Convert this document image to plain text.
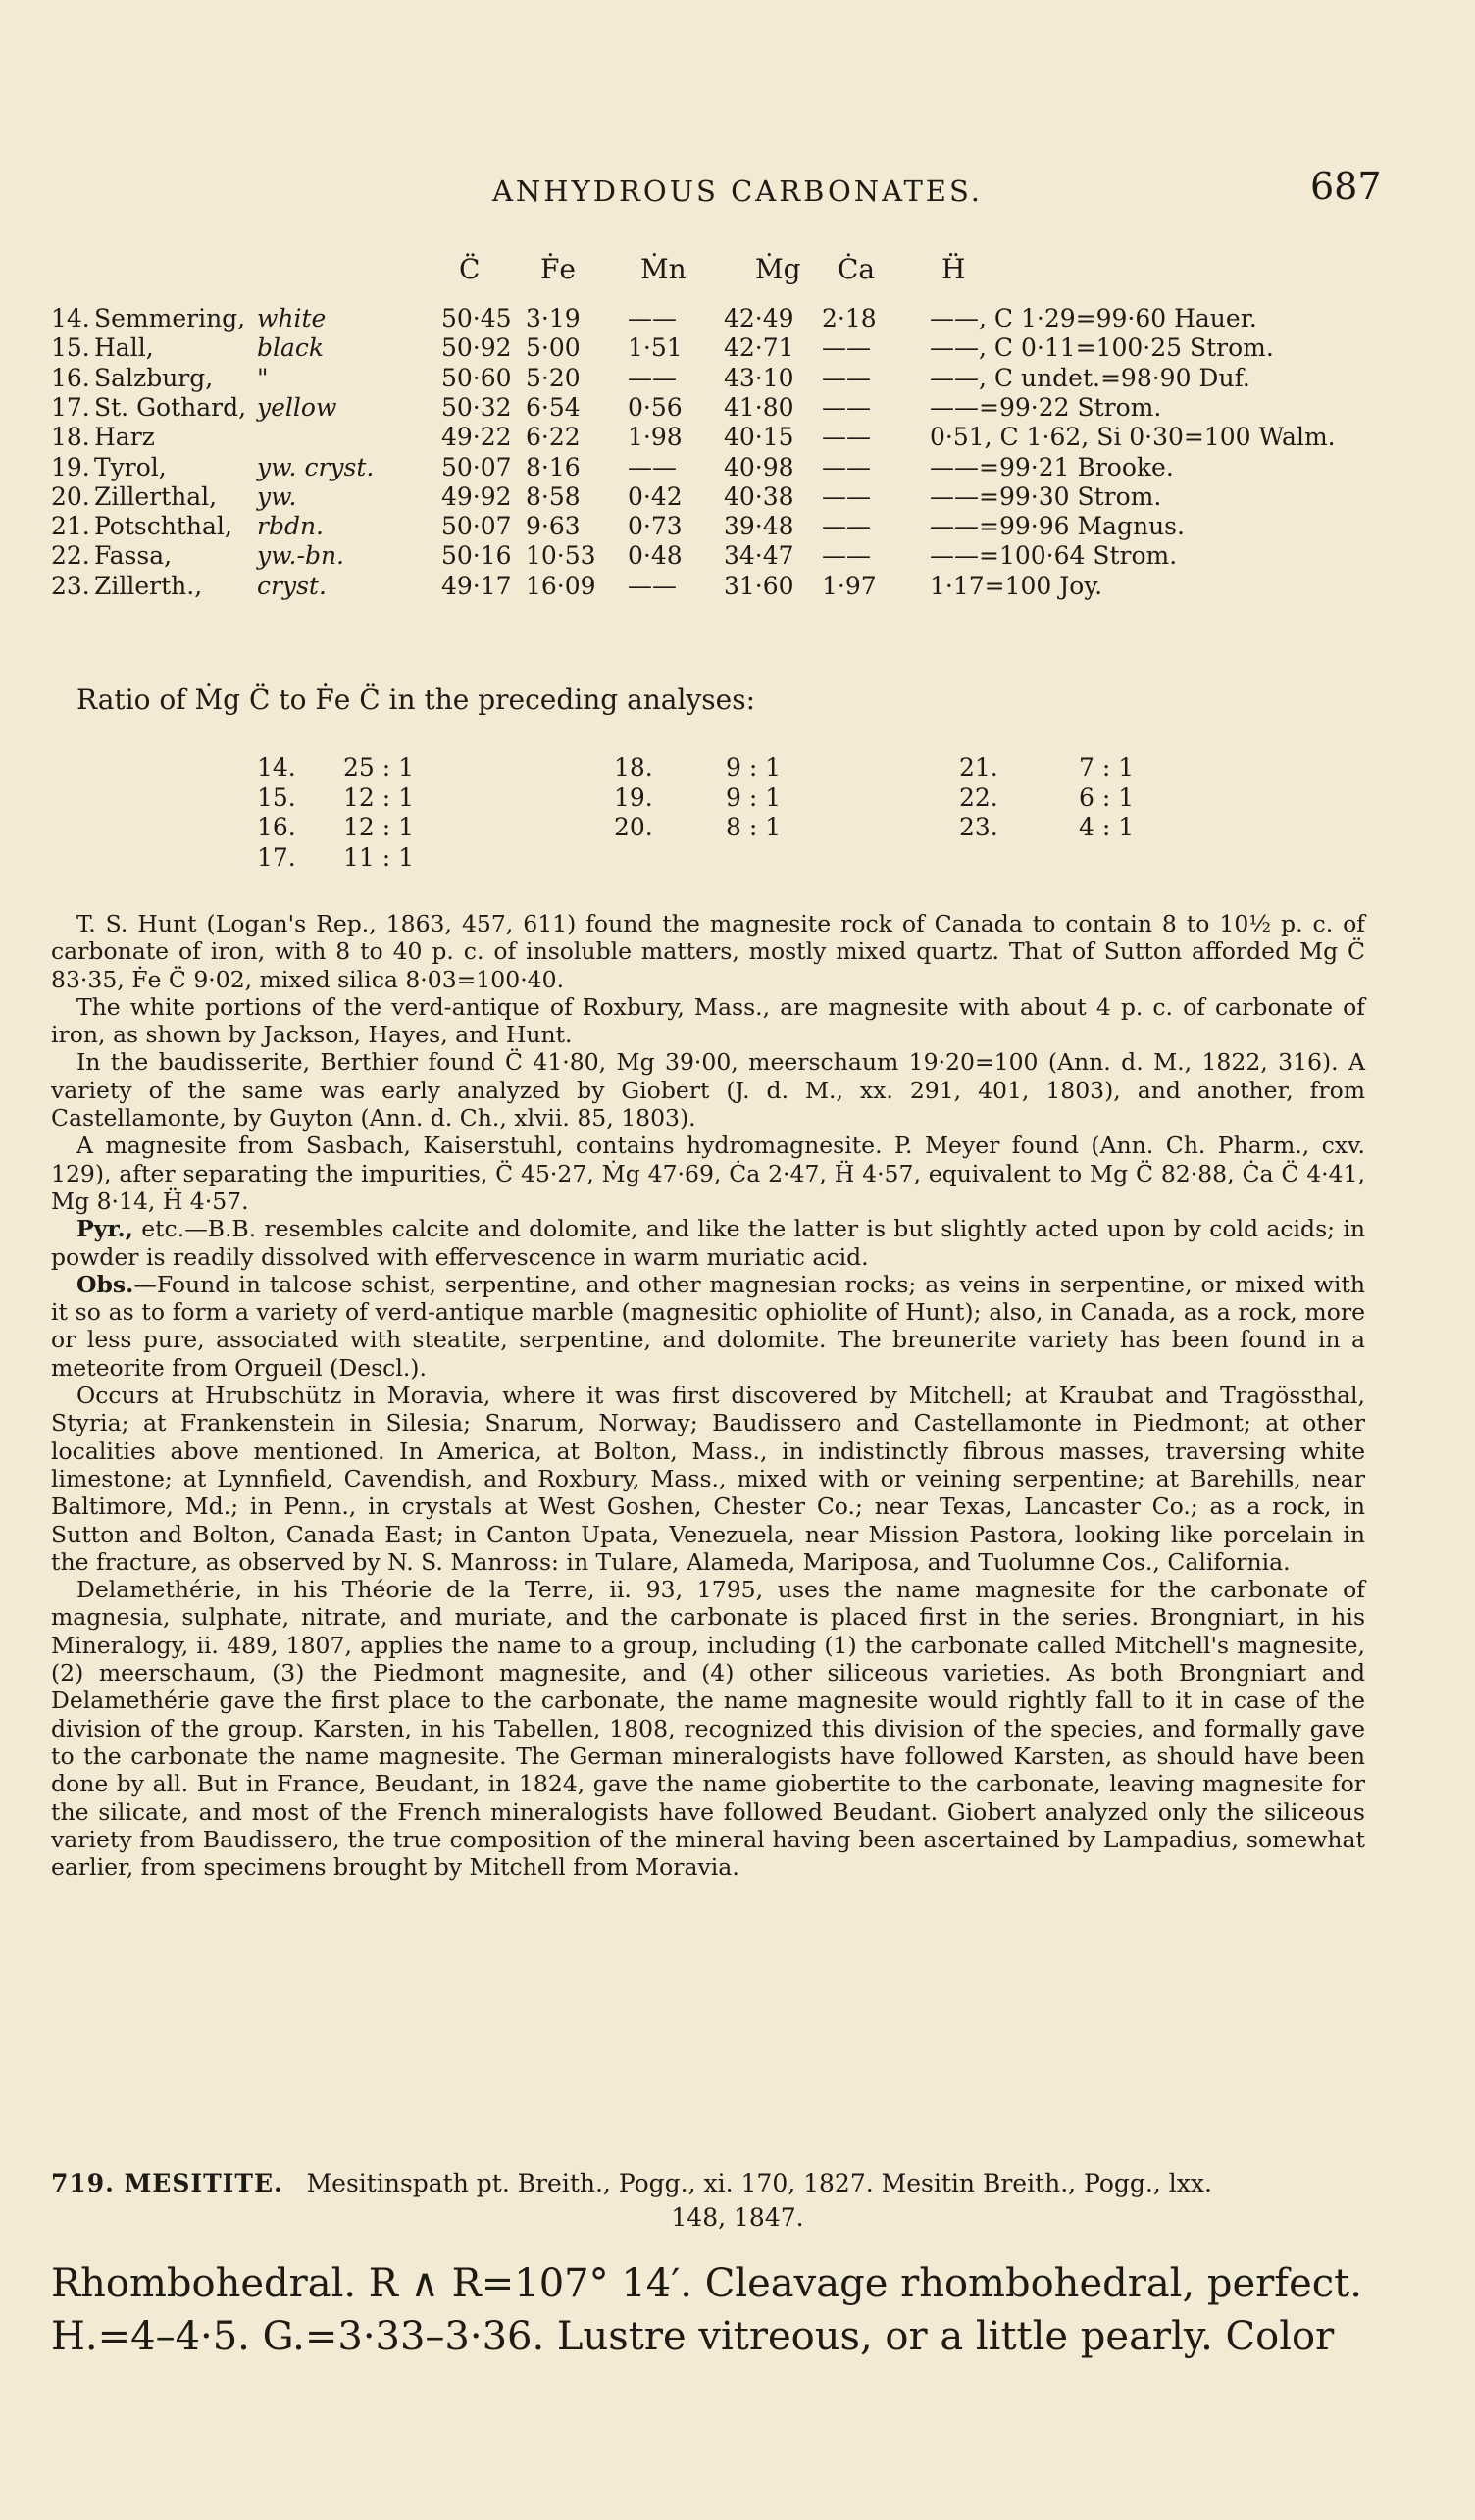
ANHYDROUS CARBONATES.	687
C̈ Ḟe Ṁn	Ṁg Ċa Ḧ
14. Semmering, white	50·45 3·19 —— 42·49 2·18 ——, C 1·29=99·60 Hauer.
15. Hall,	black	50·92 5·00 1·51 42·71 —— ——, C 0·11=100·25 Strom.
16. Salzburg, "	50·60 5·20 —— 43·10 —— ——, C undet.=98·90 Duf.
17. St. Gothard, yellow	50·32 6·54 0·56 41·80 —— ——=99·22 Strom.
18. Harz	49·22 6·22 1·98 40·15 —— 0·51, C 1·62, Si 0·30=100 Walm.
19. Tyrol,	yw. cryst.	50·07 8·16 —— 40·98 —— ——=99·21 Brooke.
20. Zillerthal, yw.	49·92 8·58 0·42 40·38 —— ——=99·30 Strom.
21. Potschthal, rbdn.	50·07 9·63 0·73 39·48 —— ——=99·96 Magnus.
22. Fassa,	yw.-bn.	50·16 10·53 0·48 34·47 —— ——=100·64 Strom.
23. Zillerth., cryst.	49·17 16·09 —— 31·60 1·97 1·17=100 Joy.
Ratio of Ṁg C̈ to Ḟe C̈ in the preceding analyses:
14. 25 : 1
15. 12 : 1
16. 12 : 1
17. 11 : 1
18.	9 : 1
19.	9 : 1
20.	8 : 1
21.	7 : 1
22.	6 : 1
23.	4 : 1

T. S. Hunt (Logan's Rep., 1863, 457, 611) found the magnesite rock of Canada to contain 8 to 10½ p. c. of carbonate of iron, with 8 to 40 p. c. of insoluble matters, mostly mixed quartz. That of Sutton afforded Mg C̈ 83·35, Ḟe C̈ 9·02, mixed silica 8·03=100·40.

The white portions of the verd-antique of Roxbury, Mass., are magnesite with about 4 p. c. of carbonate of iron, as shown by Jackson, Hayes, and Hunt.

In the baudisserite, Berthier found C̈ 41·80, Mg 39·00, meerschaum 19·20=100 (Ann. d. M., 1822, 316). A variety of the same was early analyzed by Giobert (J. d. M., xx. 291, 401, 1803), and another, from Castellamonte, by Guyton (Ann. d. Ch., xlvii. 85, 1803).

A magnesite from Sasbach, Kaiserstuhl, contains hydromagnesite. P. Meyer found (Ann. Ch. Pharm., cxv. 129), after separating the impurities, C̈ 45·27, Ṁg 47·69, Ċa 2·47, Ḧ 4·57, equivalent to Mg C̈ 82·88, Ċa C̈ 4·41, Mg 8·14, Ḧ 4·57.

Pyr., etc.—B.B. resembles calcite and dolomite, and like the latter is but slightly acted upon by cold acids; in powder is readily dissolved with effervescence in warm muriatic acid.

Obs.—Found in talcose schist, serpentine, and other magnesian rocks; as veins in serpentine, or mixed with it so as to form a variety of verd-antique marble (magnesitic ophiolite of Hunt); also, in Canada, as a rock, more or less pure, associated with steatite, serpentine, and dolomite. The breunerite variety has been found in a meteorite from Orgueil (Descl.).

Occurs at Hrubschütz in Moravia, where it was first discovered by Mitchell; at Kraubat and Tragössthal, Styria; at Frankenstein in Silesia; Snarum, Norway; Baudissero and Castellamonte in Piedmont; at other localities above mentioned. In America, at Bolton, Mass., in indistinctly fibrous masses, traversing white limestone; at Lynnfield, Cavendish, and Roxbury, Mass., mixed with or veining serpentine; at Barehills, near Baltimore, Md.; in Penn., in crystals at West Goshen, Chester Co.; near Texas, Lancaster Co.; as a rock, in Sutton and Bolton, Canada East; in Canton Upata, Venezuela, near Mission Pastora, looking like porcelain in the fracture, as observed by N. S. Manross: in Tulare, Alameda, Mariposa, and Tuolumne Cos., California.

Delamethérie, in his Théorie de la Terre, ii. 93, 1795, uses the name magnesite for the carbonate of magnesia, sulphate, nitrate, and muriate, and the carbonate is placed first in the series. Brongniart, in his Mineralogy, ii. 489, 1807, applies the name to a group, including (1) the carbonate called Mitchell's magnesite, (2) meerschaum, (3) the Piedmont magnesite, and (4) other siliceous varieties. As both Brongniart and Delamethérie gave the first place to the carbonate, the name magnesite would rightly fall to it in case of the division of the group. Karsten, in his Tabellen, 1808, recognized this division of the species, and formally gave to the carbonate the name magnesite. The German mineralogists have followed Karsten, as should have been done by all. But in France, Beudant, in 1824, gave the name giobertite to the carbonate, leaving magnesite for the silicate, and most of the French mineralogists have followed Beudant. Giobert analyzed only the siliceous variety from Baudissero, the true composition of the mineral having been ascertained by Lampadius, somewhat earlier, from specimens brought by Mitchell from Moravia.

719. MESITITE. Mesitinspath pt. Breith., Pogg., xi. 170, 1827. Mesitin Breith., Pogg., lxx.
148, 1847.
Rhombohedral. R ∧ R=107° 14′. Cleavage rhombohedral, perfect.
H.=4–4·5. G.=3·33–3·36. Lustre vitreous, or a little pearly. Color
